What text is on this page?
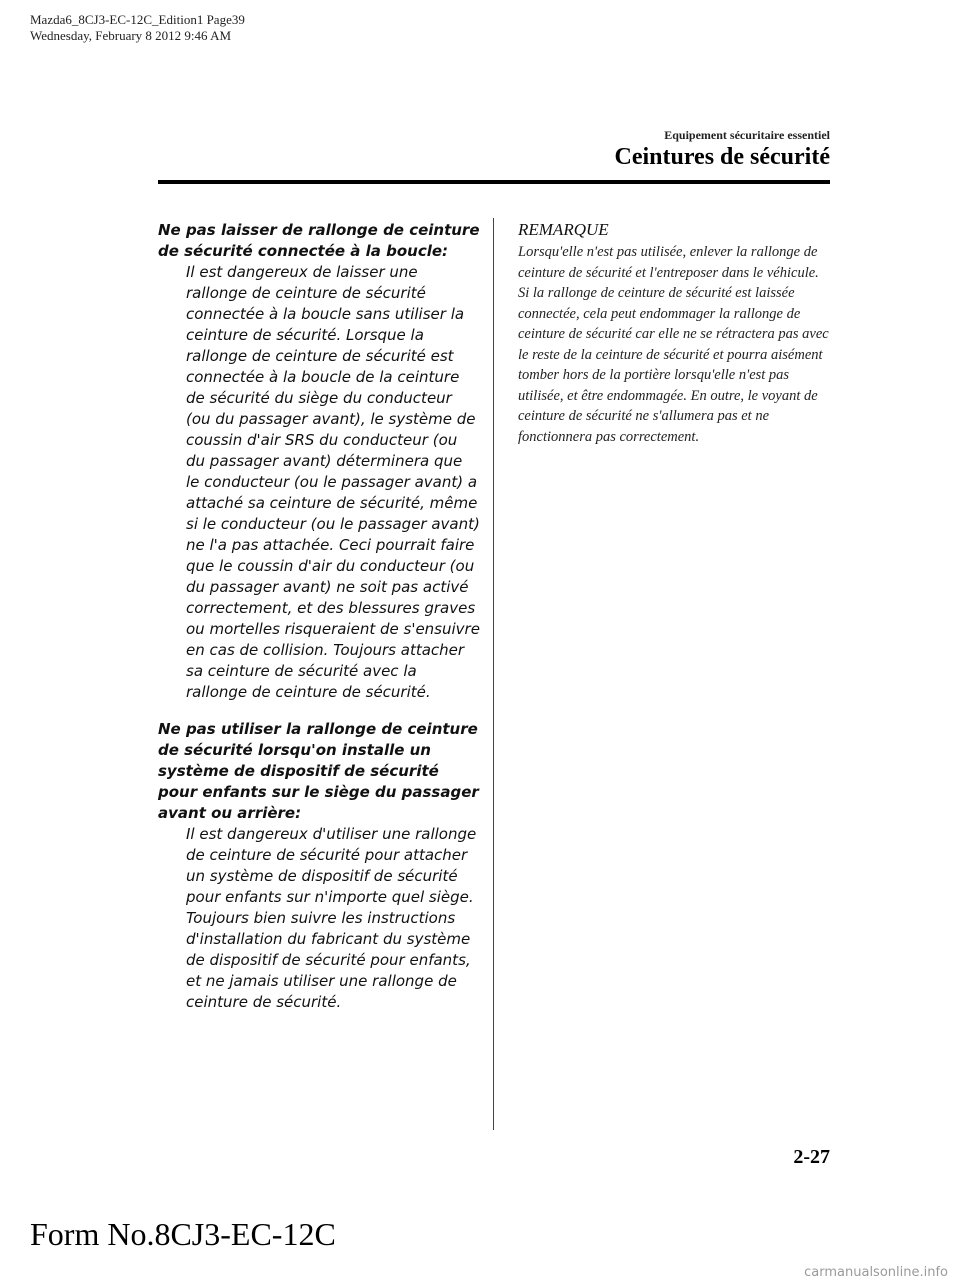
Mazda6_8CJ3-EC-12C_Edition1 Page39
Wednesday, February 8 2012 9:46 AM
Equipement sécuritaire essentiel
Ceintures de sécurité

Ne pas laisser de rallonge de ceinture de sécurité connectée à la boucle:

Il est dangereux de laisser une rallonge de ceinture de sécurité connectée à la boucle sans utiliser la ceinture de sécurité. Lorsque la rallonge de ceinture de sécurité est connectée à la boucle de la ceinture de sécurité du siège du conducteur (ou du passager avant), le système de coussin d'air SRS du conducteur (ou du passager avant) déterminera que le conducteur (ou le passager avant) a attaché sa ceinture de sécurité, même si le conducteur (ou le passager avant) ne l'a pas attachée. Ceci pourrait faire que le coussin d'air du conducteur (ou du passager avant) ne soit pas activé correctement, et des blessures graves ou mortelles risqueraient de s'ensuivre en cas de collision. Toujours attacher sa ceinture de sécurité avec la rallonge de ceinture de sécurité.

Ne pas utiliser la rallonge de ceinture de sécurité lorsqu'on installe un système de dispositif de sécurité pour enfants sur le siège du passager avant ou arrière:

Il est dangereux d'utiliser une rallonge de ceinture de sécurité pour attacher un système de dispositif de sécurité pour enfants sur n'importe quel siège. Toujours bien suivre les instructions d'installation du fabricant du système de dispositif de sécurité pour enfants, et ne jamais utiliser une rallonge de ceinture de sécurité.

REMARQUE

Lorsqu'elle n'est pas utilisée, enlever la rallonge de ceinture de sécurité et l'entreposer dans le véhicule. Si la rallonge de ceinture de sécurité est laissée connectée, cela peut endommager la rallonge de ceinture de sécurité car elle ne se rétractera pas avec le reste de la ceinture de sécurité et pourra aisément tomber hors de la portière lorsqu'elle n'est pas utilisée, et être endommagée. En outre, le voyant de ceinture de sécurité ne s'allumera pas et ne fonctionnera pas correctement.

2-27
Form No.8CJ3-EC-12C
carmanualsonline.info
